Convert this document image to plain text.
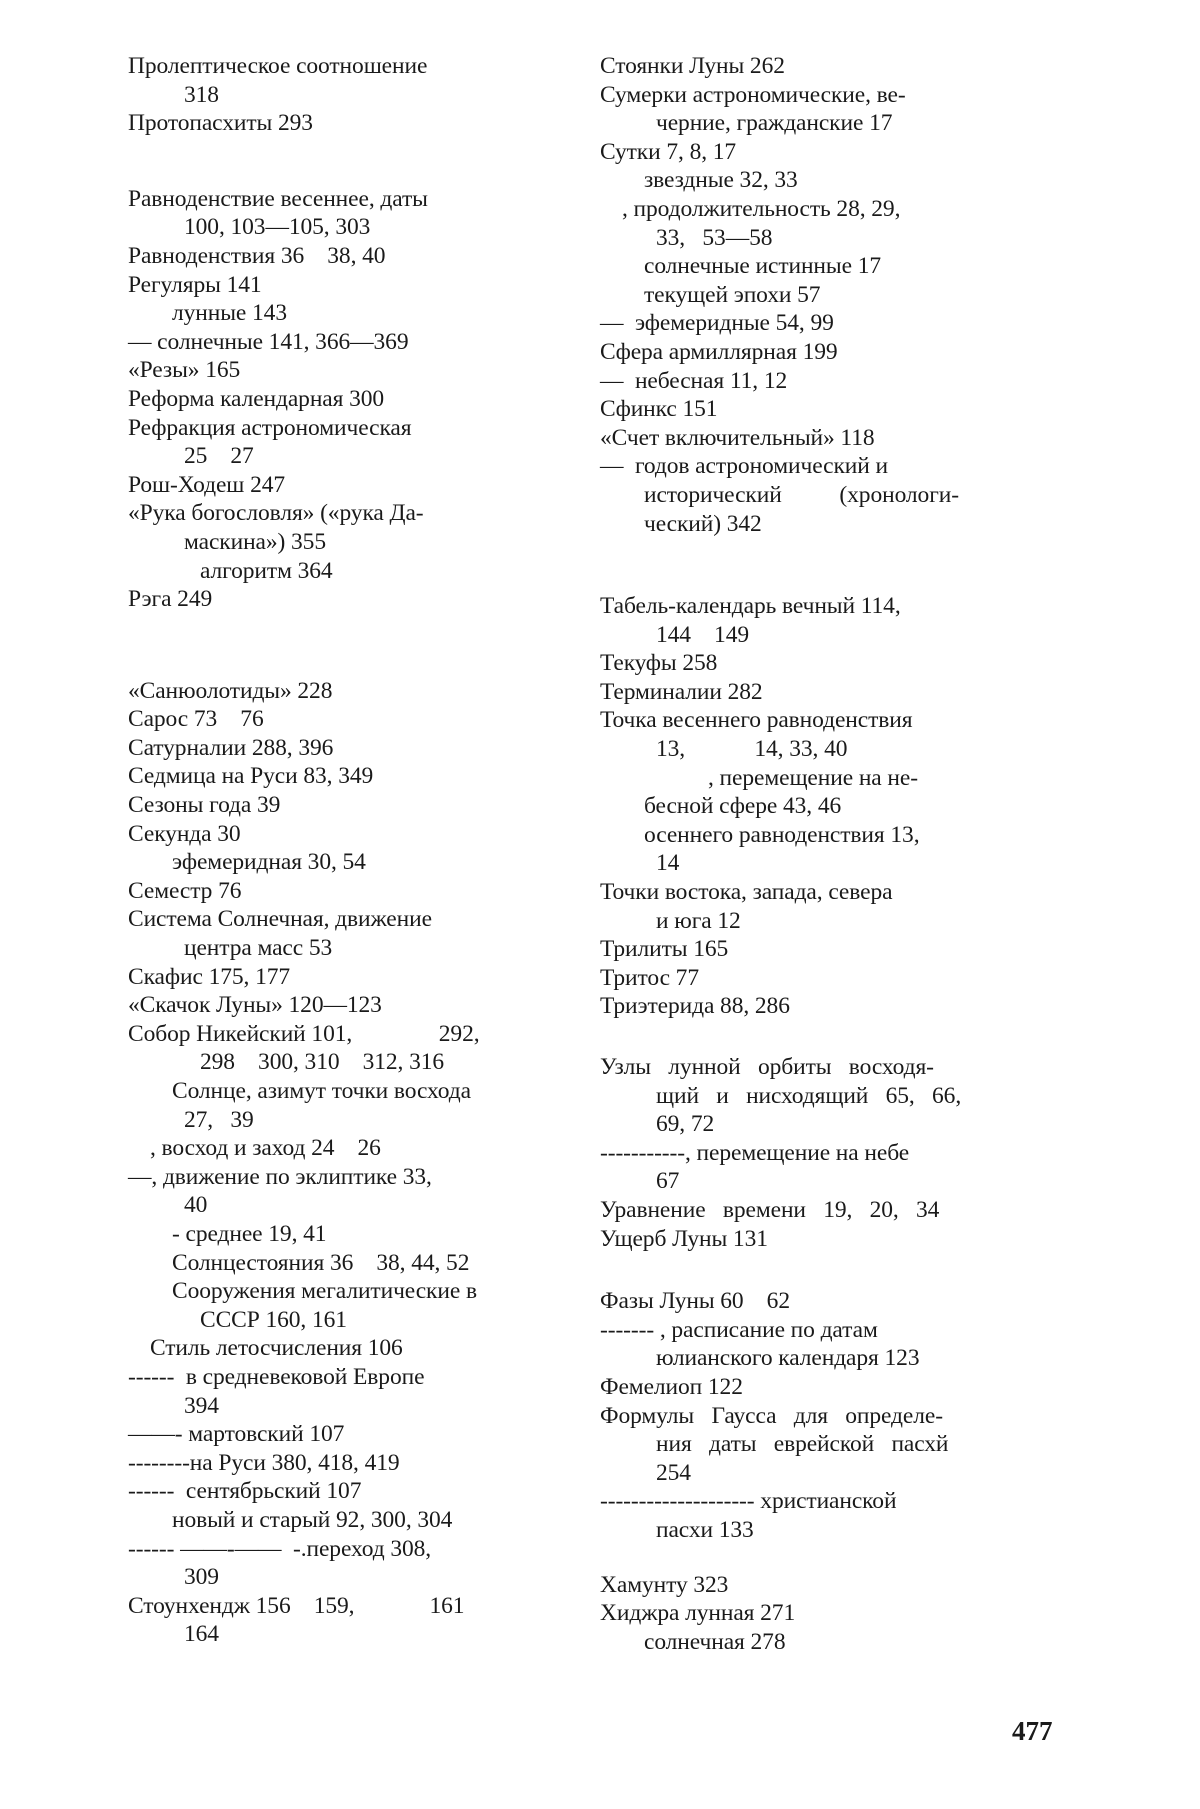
Пролептическое соотношение
318
Протопасхиты 293
Равноденствие весеннее, даты
100, 103—105, 303
Равноденствия 36    38, 40
Регуляры 141
лунные 143
— солнечные 141, 366—369
«Резы» 165
Реформа календарная 300
Рефракция астрономическая
25    27
Рош-Ходеш 247
«Рука богословля» («рука Да-
маскина») 355
алгоритм 364
Рэга 249
«Санюолотиды» 228
Сарос 73    76
Сатурналии 288, 396
Седмица на Руси 83, 349
Сезоны года 39
Секунда 30
эфемеридная 30, 54
Семестр 76
Система Солнечная, движение
центра масс 53
Скафис 175, 177
«Скачок Луны» 120—123
Собор Никейский 101,               292,
298    300, 310    312, 316
Солнце, азимут точки восхода
27,   39
, восход и заход 24    26
—, движение по эклиптике 33,
40
- среднее 19, 41
Солнцестояния 36    38, 44, 52
Сооружения мегалитические в
СССР 160, 161
Стиль летосчисления 106
------  в средневековой Европе
394
——- мартовский 107
--------на Руси 380, 418, 419
------  сентябрьский 107
новый и старый 92, 300, 304
------ ——-——  -.переход 308,
309
Стоунхендж 156    159,             161
164
Стоянки Луны 262
Сумерки астрономические, ве-
черние, гражданские 17
Сутки 7, 8, 17
звездные 32, 33
, продолжительность 28, 29,
33,   53—58
солнечные истинные 17
текущей эпохи 57
—  эфемеридные 54, 99
Сфера армиллярная 199
—  небесная 11, 12
Сфинкс 151
«Счет включительный» 118
—  годов астрономический и
исторический          (хронологи-
ческий) 342
Табель-календарь вечный 114,
144    149
Текуфы 258
Терминалии 282
Точка весеннего равноденствия
13,            14, 33, 40
, перемещение на не-
бесной сфере 43, 46
осеннего равноденствия 13,
14
Точки востока, запада, севера
и юга 12
Трилиты 165
Тритос 77
Триэтерида 88, 286
Узлы   лунной   орбиты   восходя-
щий   и   нисходящий   65,   66,
69, 72
-----------, перемещение на небе
67
Уравнение   времени   19,   20,   34
Ущерб Луны 131
Фазы Луны 60    62
------- , расписание по датам
юлианского календаря 123
Фемелиоп 122
Формулы   Гаусса   для   определе-
ния   даты   еврейской   пасхй
254
-------------------- христианской
пасхи 133
Хамунту 323
Хиджра лунная 271
солнечная 278
477
